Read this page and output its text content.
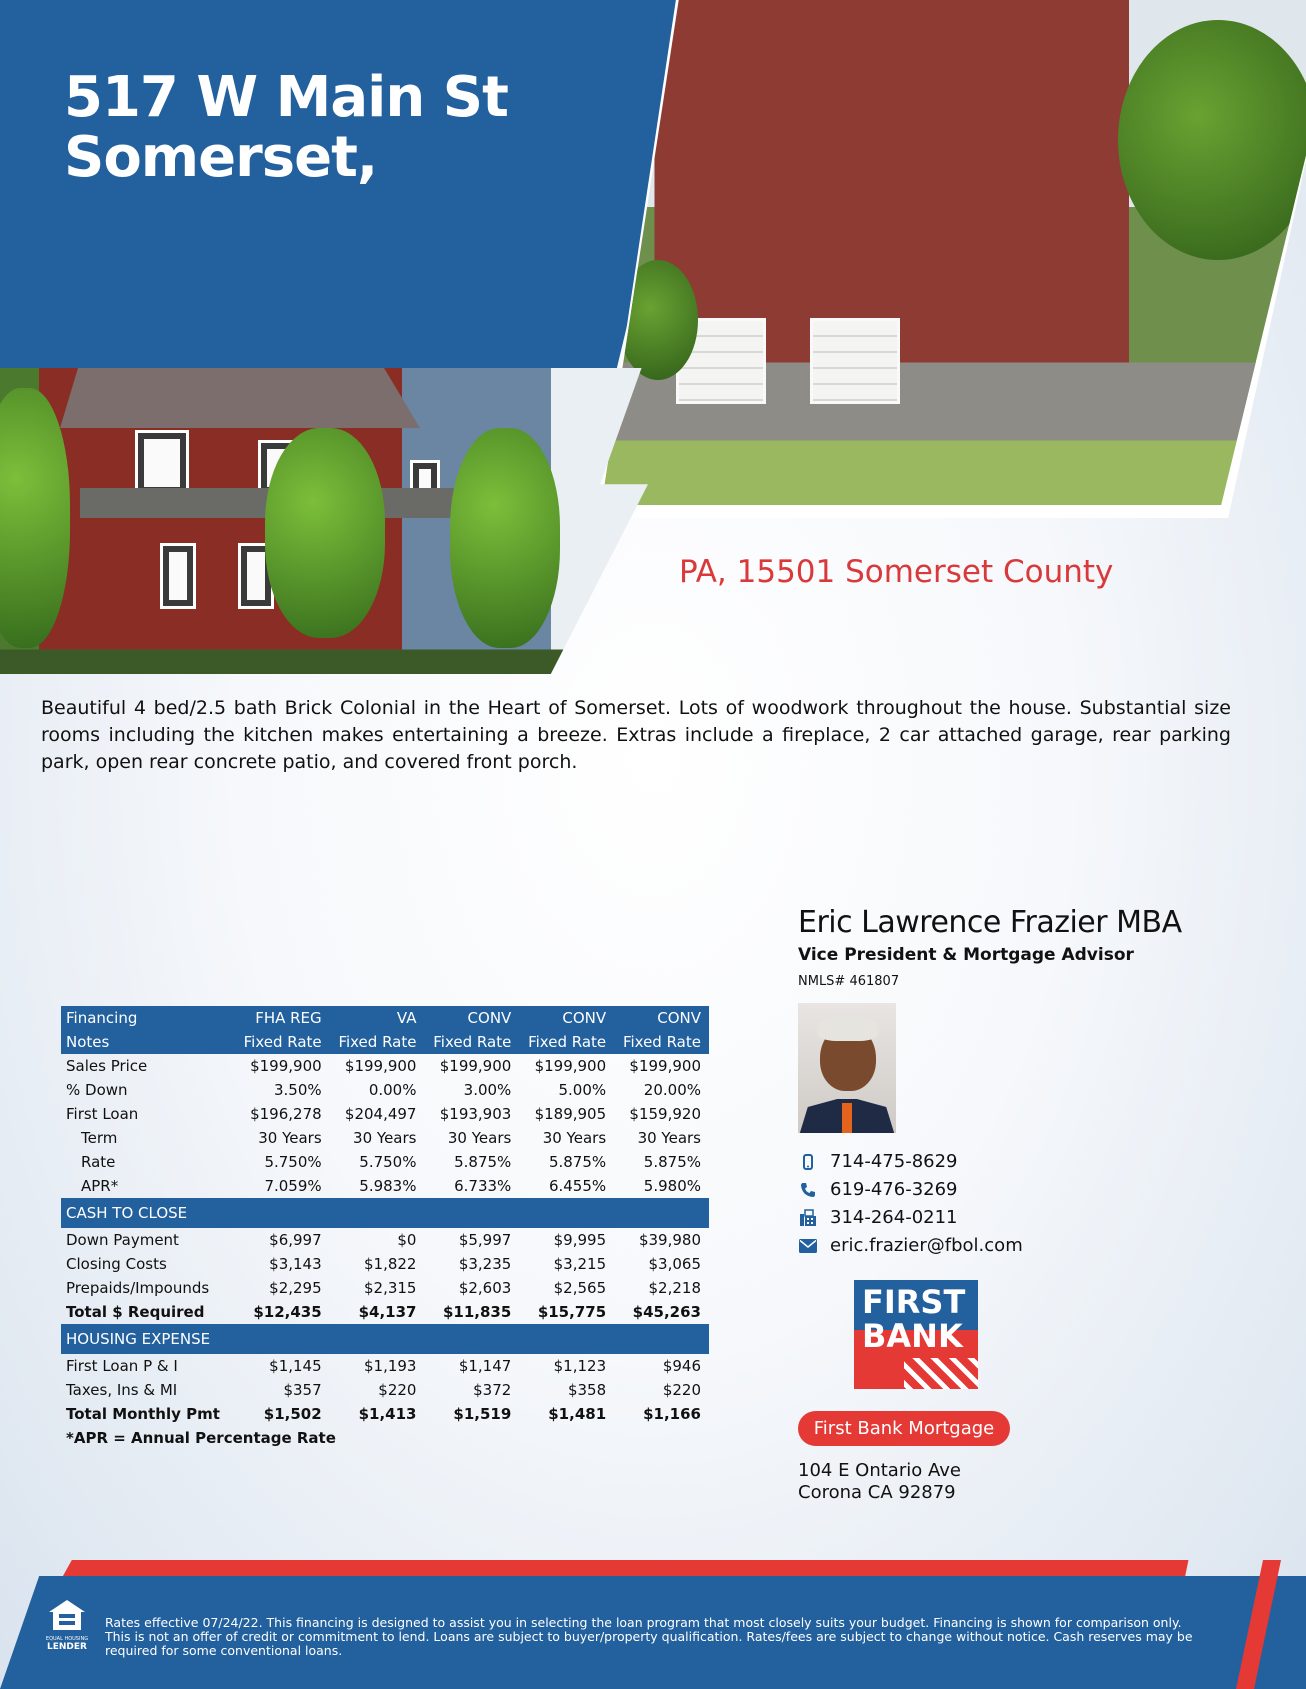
517 W Main St
Somerset,
PA, 15501 Somerset County

Beautiful 4 bed/2.5 bath Brick Colonial in the Heart of Somerset. Lots of woodwork throughout the house. Substantial size rooms including the kitchen makes entertaining a breeze. Extras include a fireplace, 2 car attached garage, rear parking park, open rear concrete patio, and covered front porch.

Financing	FHA REG	VA	CONV	CONV	CONV
Notes	Fixed Rate	Fixed Rate	Fixed Rate	Fixed Rate	Fixed Rate
Sales Price	$199,900	$199,900	$199,900	$199,900	$199,900
% Down	3.50%	0.00%	3.00%	5.00%	20.00%
First Loan	$196,278	$204,497	$193,903	$189,905	$159,920
Term	30 Years	30 Years	30 Years	30 Years	30 Years
Rate	5.750%	5.750%	5.875%	5.875%	5.875%
APR*	7.059%	5.983%	6.733%	6.455%	5.980%
CASH TO CLOSE					
Down Payment	$6,997	$0	$5,997	$9,995	$39,980
Closing Costs	$3,143	$1,822	$3,235	$3,215	$3,065
Prepaids/Impounds	$2,295	$2,315	$2,603	$2,565	$2,218
Total $ Required	$12,435	$4,137	$11,835	$15,775	$45,263
HOUSING EXPENSE					
First Loan P & I	$1,145	$1,193	$1,147	$1,123	$946
Taxes, Ins & MI	$357	$220	$372	$358	$220
Total Monthly Pmt	$1,502	$1,413	$1,519	$1,481	$1,166
*APR = Annual Percentage Rate
Eric Lawrence Frazier MBA
Vice President & Mortgage Advisor
NMLS# 461807
714-475-8629
619-476-3269
314-264-0211
eric.frazier@fbol.com
FIRST
BANK
First Bank Mortgage
104 E Ontario Ave
Corona CA 92879
EQUAL HOUSING
LENDER
Rates effective 07/24/22. This financing is designed to assist you in selecting the loan program that most closely suits your budget. Financing is shown for comparison only. This is not an offer of credit or commitment to lend. Loans are subject to buyer/property qualification. Rates/fees are subject to change without notice. Cash reserves may be required for some conventional loans.
